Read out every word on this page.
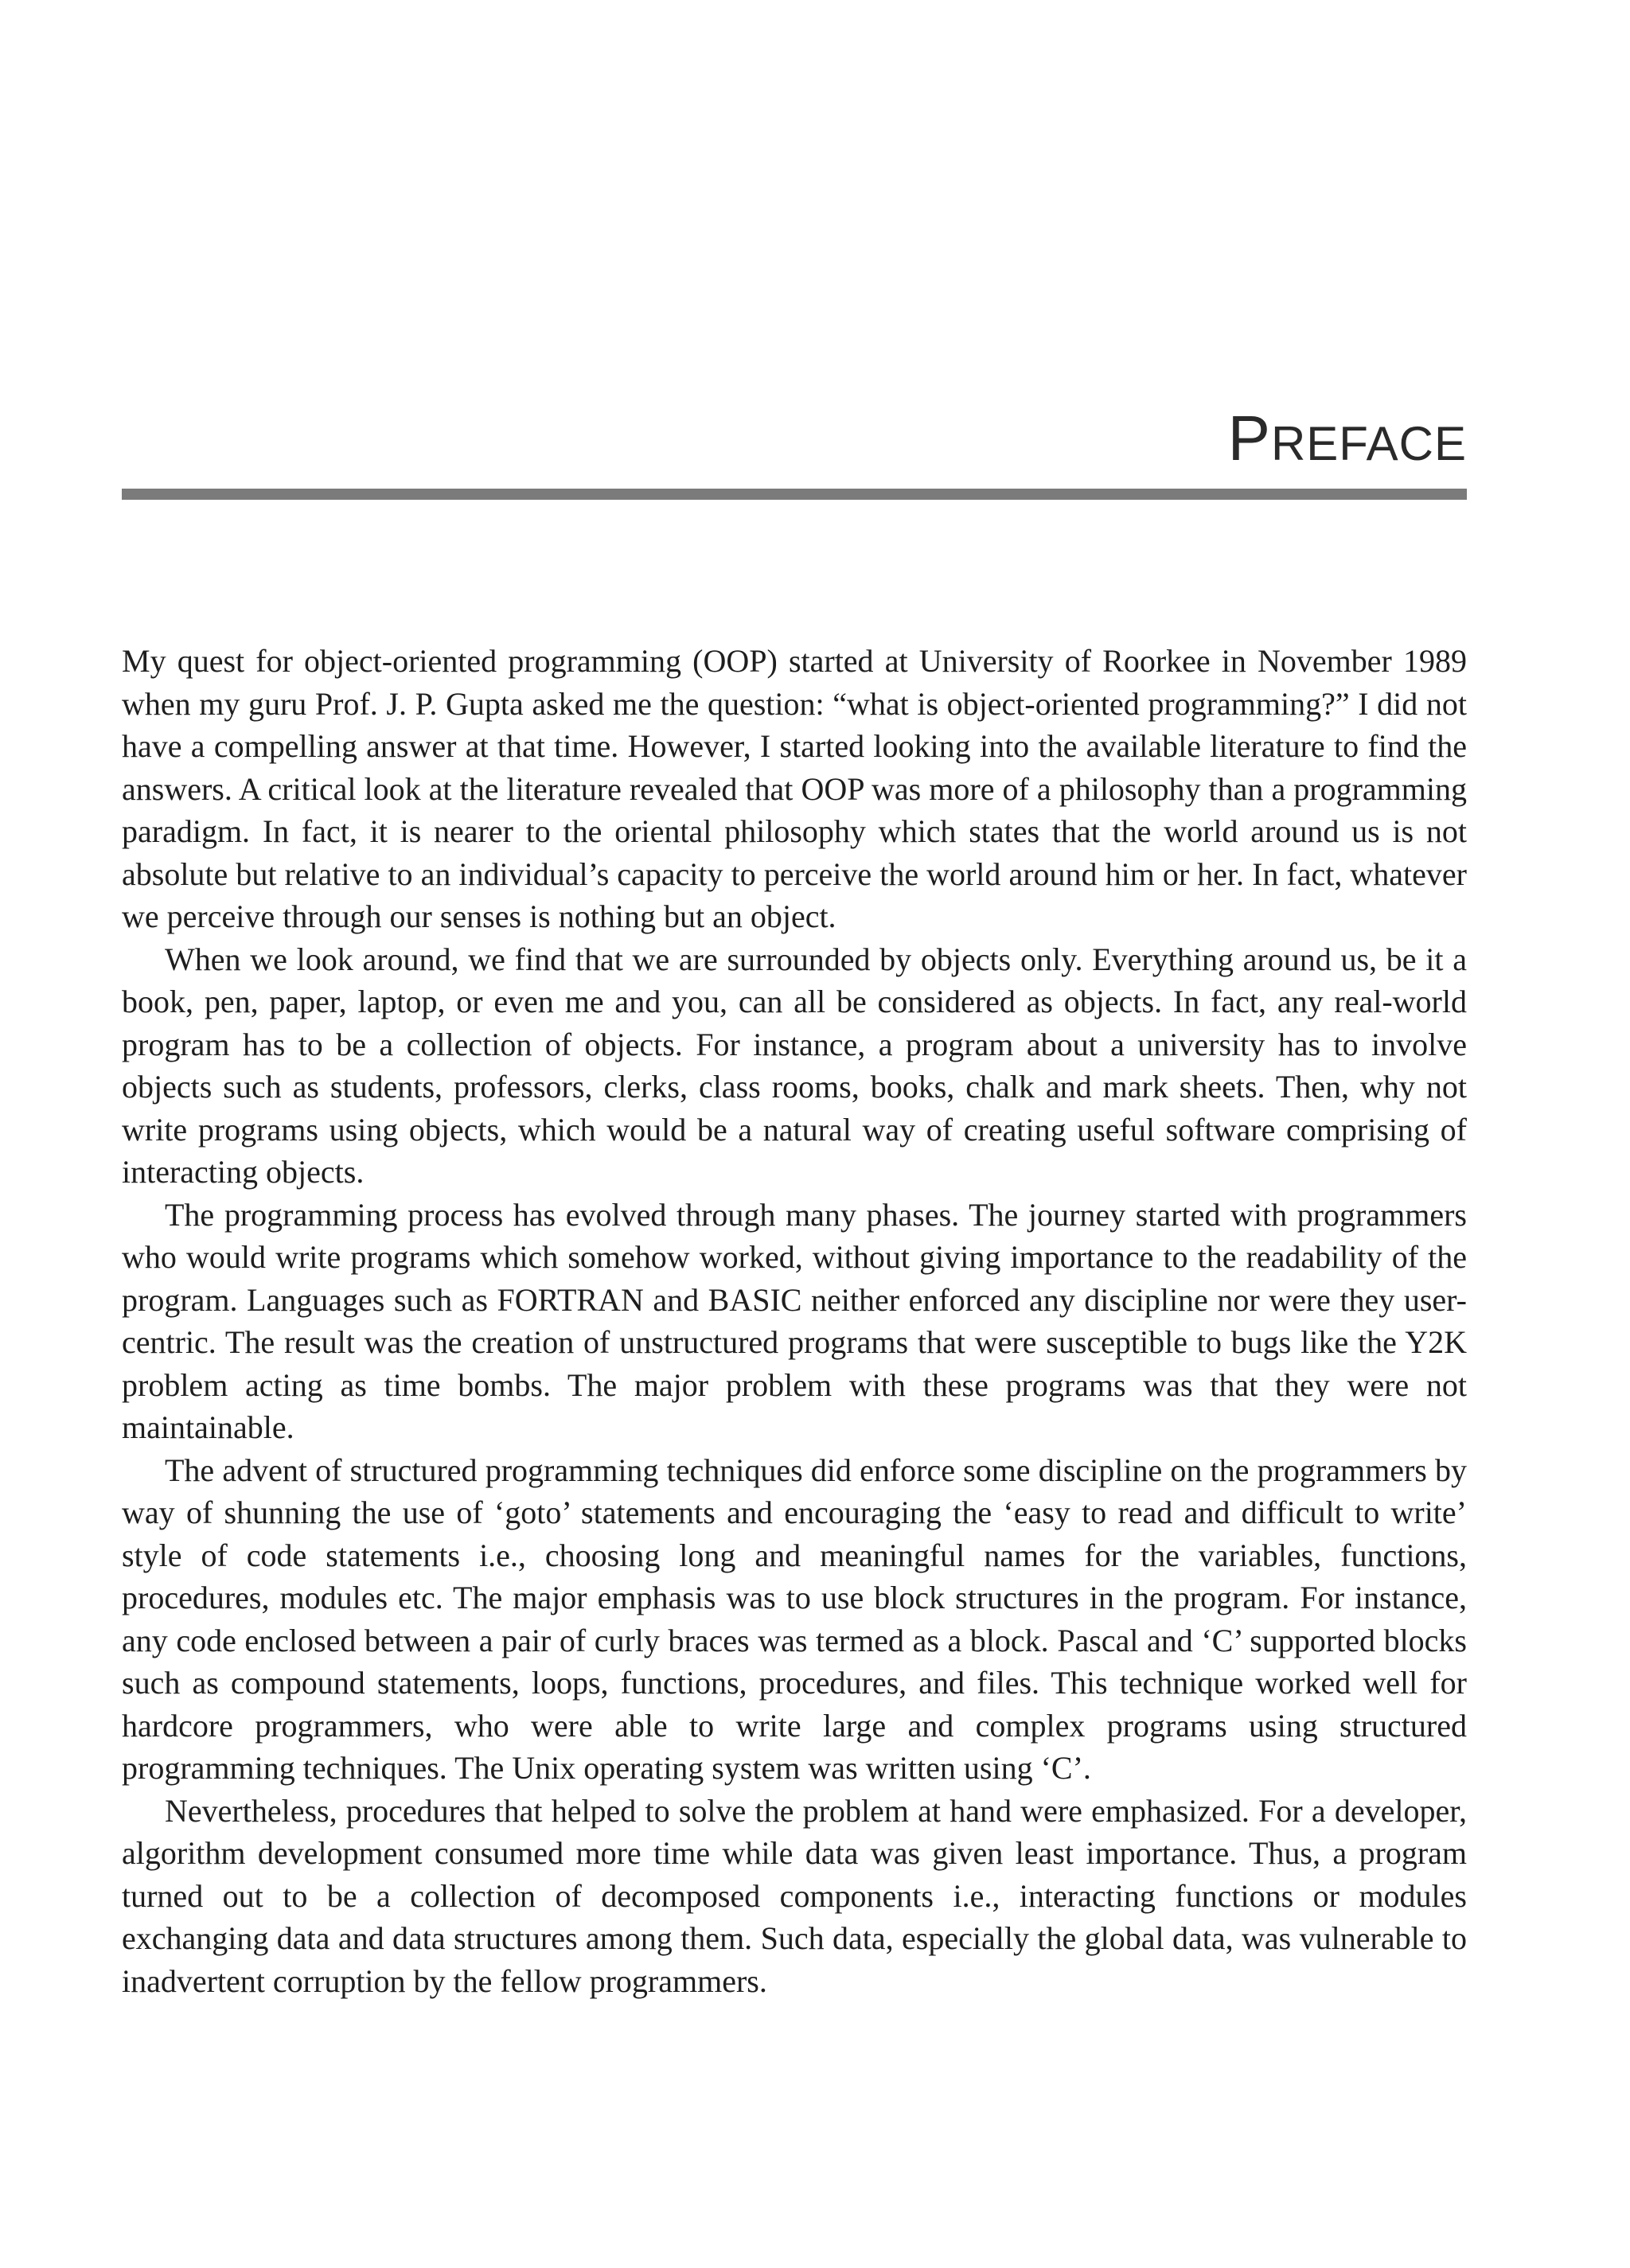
PREFACE

My quest for object-oriented programming (OOP) started at University of Roorkee in November 1989 when my guru Prof. J. P. Gupta asked me the question: “what is object-oriented programming?” I did not have a compelling answer at that time. However, I started looking into the available literature to find the answers. A critical look at the literature revealed that OOP was more of a philosophy than a programming paradigm. In fact, it is nearer to the oriental philosophy which states that the world around us is not absolute but relative to an individual’s capacity to perceive the world around him or her. In fact, whatever we perceive through our senses is nothing but an object.

When we look around, we find that we are surrounded by objects only. Everything around us, be it a book, pen, paper, laptop, or even me and you, can all be considered as objects. In fact, any real-world program has to be a collection of objects. For instance, a program about a university has to involve objects such as students, professors, clerks, class rooms, books, chalk and mark sheets. Then, why not write programs using objects, which would be a natural way of creating useful software comprising of interacting objects.

The programming process has evolved through many phases. The journey started with programmers who would write programs which somehow worked, without giving importance to the readability of the program. Languages such as FORTRAN and BASIC neither enforced any discipline nor were they user-centric. The result was the creation of unstructured programs that were susceptible to bugs like the Y2K problem acting as time bombs. The major problem with these programs was that they were not maintainable.

The advent of structured programming techniques did enforce some discipline on the programmers by way of shunning the use of ‘goto’ statements and encouraging the ‘easy to read and difficult to write’ style of code statements i.e., choosing long and meaningful names for the variables, functions, procedures, modules etc. The major emphasis was to use block structures in the program. For instance, any code enclosed between a pair of curly braces was termed as a block. Pascal and ‘C’ supported blocks such as compound statements, loops, functions, procedures, and files. This technique worked well for hardcore programmers, who were able to write large and complex programs using structured programming techniques. The Unix operating system was written using ‘C’.

Nevertheless, procedures that helped to solve the problem at hand were emphasized. For a developer, algorithm development consumed more time while data was given least importance. Thus, a program turned out to be a collection of decomposed components i.e., interacting functions or modules exchanging data and data structures among them. Such data, especially the global data, was vulnerable to inadvertent corruption by the fellow programmers.
